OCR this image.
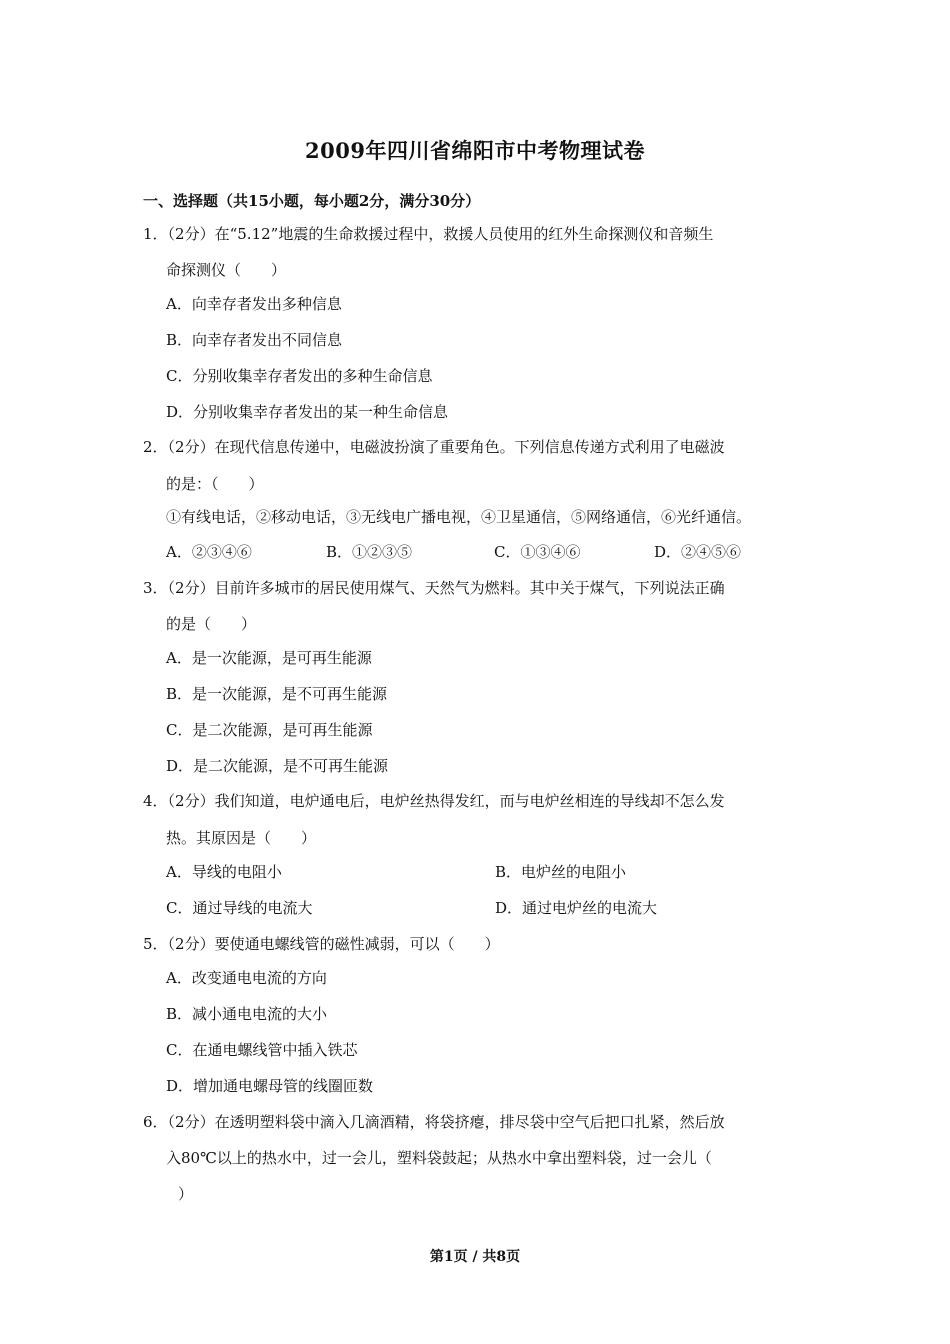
2009年四川省绵阳市中考物理试卷
一、选择题（共15小题，每小题2分，满分30分）
1．（2分）在“5.12”地震的生命救援过程中，救援人员使用的红外生命探测仪和音频生
命探测仪（　　）
A．向幸存者发出多种信息
B．向幸存者发出不同信息
C．分别收集幸存者发出的多种生命信息
D．分别收集幸存者发出的某一种生命信息
2．（2分）在现代信息传递中，电磁波扮演了重要角色。下列信息传递方式利用了电磁波
的是：（　　）
①有线电话，②移动电话，③无线电广播电视，④卫星通信，⑤网络通信，⑥光纤通信。
A．②③④⑥	B．①②③⑤	C．①③④⑥	D．②④⑤⑥
3．（2分）目前许多城市的居民使用煤气、天然气为燃料。其中关于煤气，下列说法正确
的是（　　）
A．是一次能源，是可再生能源
B．是一次能源，是不可再生能源
C．是二次能源，是可再生能源
D．是二次能源，是不可再生能源
4．（2分）我们知道，电炉通电后，电炉丝热得发红，而与电炉丝相连的导线却不怎么发
热。其原因是（　　）
A．导线的电阻小	B．电炉丝的电阻小
C．通过导线的电流大	D．通过电炉丝的电流大
5．（2分）要使通电螺线管的磁性减弱，可以（　　）
A．改变通电电流的方向
B．减小通电电流的大小
C．在通电螺线管中插入铁芯
D．增加通电螺母管的线圈匝数
6．（2分）在透明塑料袋中滴入几滴酒精，将袋挤瘪，排尽袋中空气后把口扎紧，然后放
入80℃以上的热水中，过一会儿，塑料袋鼓起；从热水中拿出塑料袋，过一会儿（
）
第1页 / 共8页
